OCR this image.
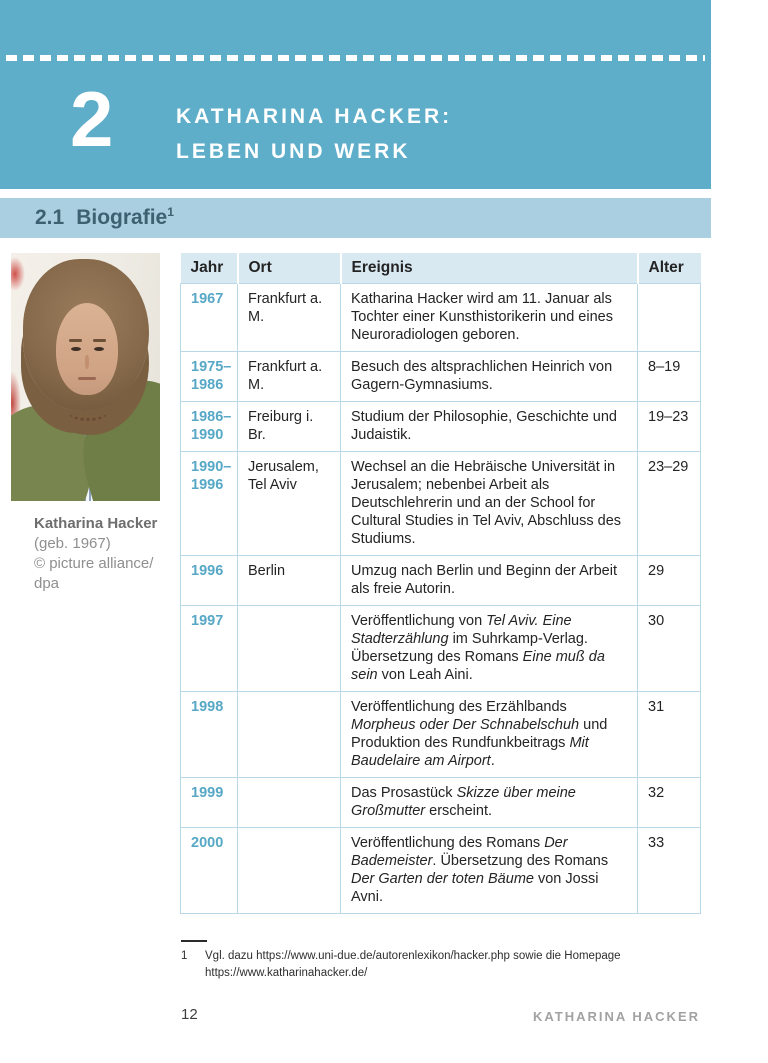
2	KATHARINA HACKER:
LEBEN UND WERK
2.1 Biografie$^1$
Katharina Hacker
(geb. 1967)
© picture alliance/
dpa
Jahr	Ort	Ereignis	Alter
1967	Frankfurt a. M.	Katharina Hacker wird am 11. Januar als Tochter einer Kunsthistorikerin und eines Neuroradiologen geboren.	
1975–1986	Frankfurt a. M.	Besuch des altsprachlichen Heinrich von Gagern-Gymnasiums.	8–19
1986–1990	Freiburg i. Br.	Studium der Philosophie, Geschichte und Judaistik.	19–23
1990–1996	Jerusalem, Tel Aviv	Wechsel an die Hebräische Universität in Jerusalem; nebenbei Arbeit als Deutschlehrerin und an der School for Cultural Studies in Tel Aviv, Abschluss des Studiums.	23–29
1996	Berlin	Umzug nach Berlin und Beginn der Arbeit als freie Autorin.	29
1997		Veröffentlichung von Tel Aviv. Eine Stadterzählung im Suhrkamp-Verlag. Übersetzung des Romans Eine muß da sein von Leah Aini.	30
1998		Veröffentlichung des Erzählbands Morpheus oder Der Schnabelschuh und Produktion des Rundfunkbeitrags Mit Baudelaire am Airport.	31
1999		Das Prosastück Skizze über meine Großmutter erscheint.	32
2000		Veröffentlichung des Romans Der Bademeister. Übersetzung des Romans Der Garten der toten Bäume von Jossi Avni.	33
1 Vgl. dazu https://www.uni-due.de/autorenlexikon/hacker.php sowie die Homepage
https://www.katharinahacker.de/
12	KATHARINA HACKER
